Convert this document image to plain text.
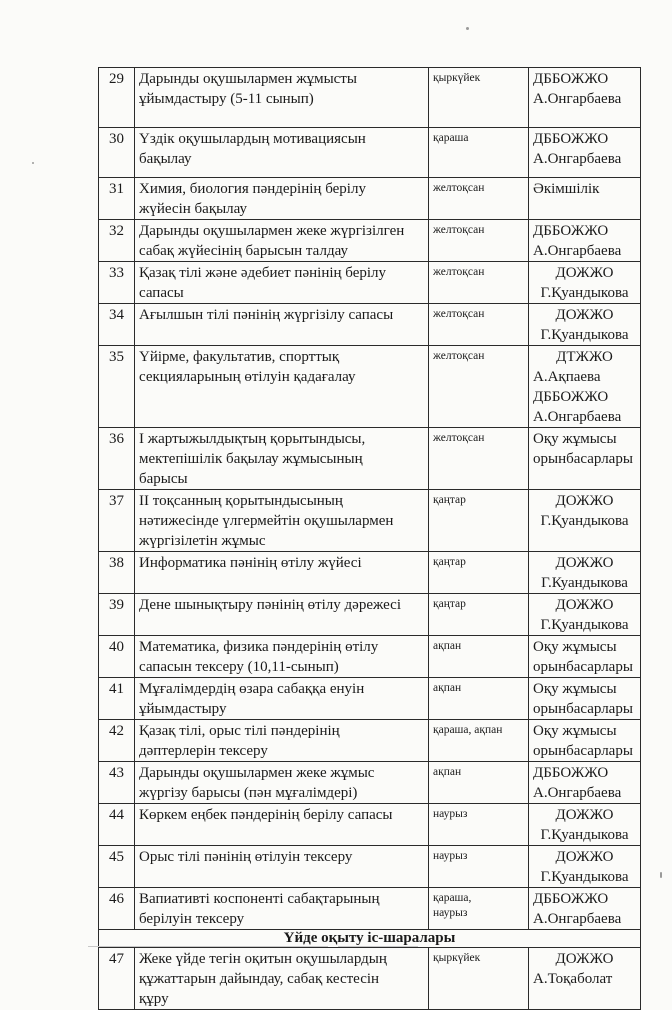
29	Дарынды оқушылармен жұмысты
ұйымдастыру (5-11 сынып)	қыркүйек	ДББОЖЖО
А.Онгарбаева

30	Үздік оқушылардың мотивациясын
бақылау	қараша	ДББОЖЖО
А.Онгарбаева

31	Химия, биология пәндерінің берілу
жүйесін бақылау	желтоқсан	Әкімшілік

32	Дарынды оқушылармен жеке жүргізілген
сабақ жүйесінің барысын талдау	желтоқсан	ДББОЖЖО
А.Онгарбаева

33	Қазақ тілі және әдебиет пәнінің берілу
сапасы	желтоқсан	ДОЖЖО
Г.Қуандыкова

34	Ағылшын тілі пәнінің жүргізілу сапасы	желтоқсан	ДОЖЖО
Г.Қуандыкова

35	Үйірме, факультатив, спорттық
секцияларының өтілуін қадағалау	желтоқсан	ДТЖЖО
А.Ақпаева
ДББОЖЖО
А.Онгарбаева

36	І жартыжылдықтың қорытындысы,
мектепішілік бақылау жұмысының
барысы	желтоқсан	Оқу жұмысы
орынбасарлары

37	ІІ тоқсанның қорытындысының
нәтижесінде үлгермейтін оқушылармен
жүргізілетін жұмыс	қаңтар	ДОЖЖО
Г.Қуандыкова

38	Информатика пәнінің өтілу жүйесі	қаңтар	ДОЖЖО
Г.Куандыкова

39	Дене шынықтыру пәнінің өтілу дәрежесі	қаңтар	ДОЖЖО
Г.Қуандыкова

40	Математика, физика пәндерінің өтілу
сапасын тексеру (10,11-сынып)	ақпан	Оқу жұмысы
орынбасарлары

41	Мұғалімдердің өзара сабаққа енуін
ұйымдастыру	ақпан	Оқу жұмысы
орынбасарлары

42	Қазақ тілі, орыс тілі пәндерінің
дәптерлерін тексеру	қараша, ақпан	Оқу жұмысы
орынбасарлары

43	Дарынды оқушылармен жеке жұмыс
жүргізу барысы (пән мұғалімдері)	ақпан	ДББОЖЖО
А.Онгарбаева

44	Көркем еңбек пәндерінің берілу сапасы	наурыз	ДОЖЖО
Г.Қуандыкова

45	Орыс тілі пәнінің өтілуін тексеру	наурыз	ДОЖЖО
Г.Қуандыкова

46	Вапиативті коспоненті сабақтарының
берілуін тексеру	қараша,
наурыз	ДББОЖЖО
А.Онгарбаева

Үйде оқыту іс-шаралары			
47	Жеке үйде тегін оқитын оқушылардың
құжаттарын дайындау, сабақ кестесін
құру	қыркүйек	ДОЖЖО
А.Тоқаболат
